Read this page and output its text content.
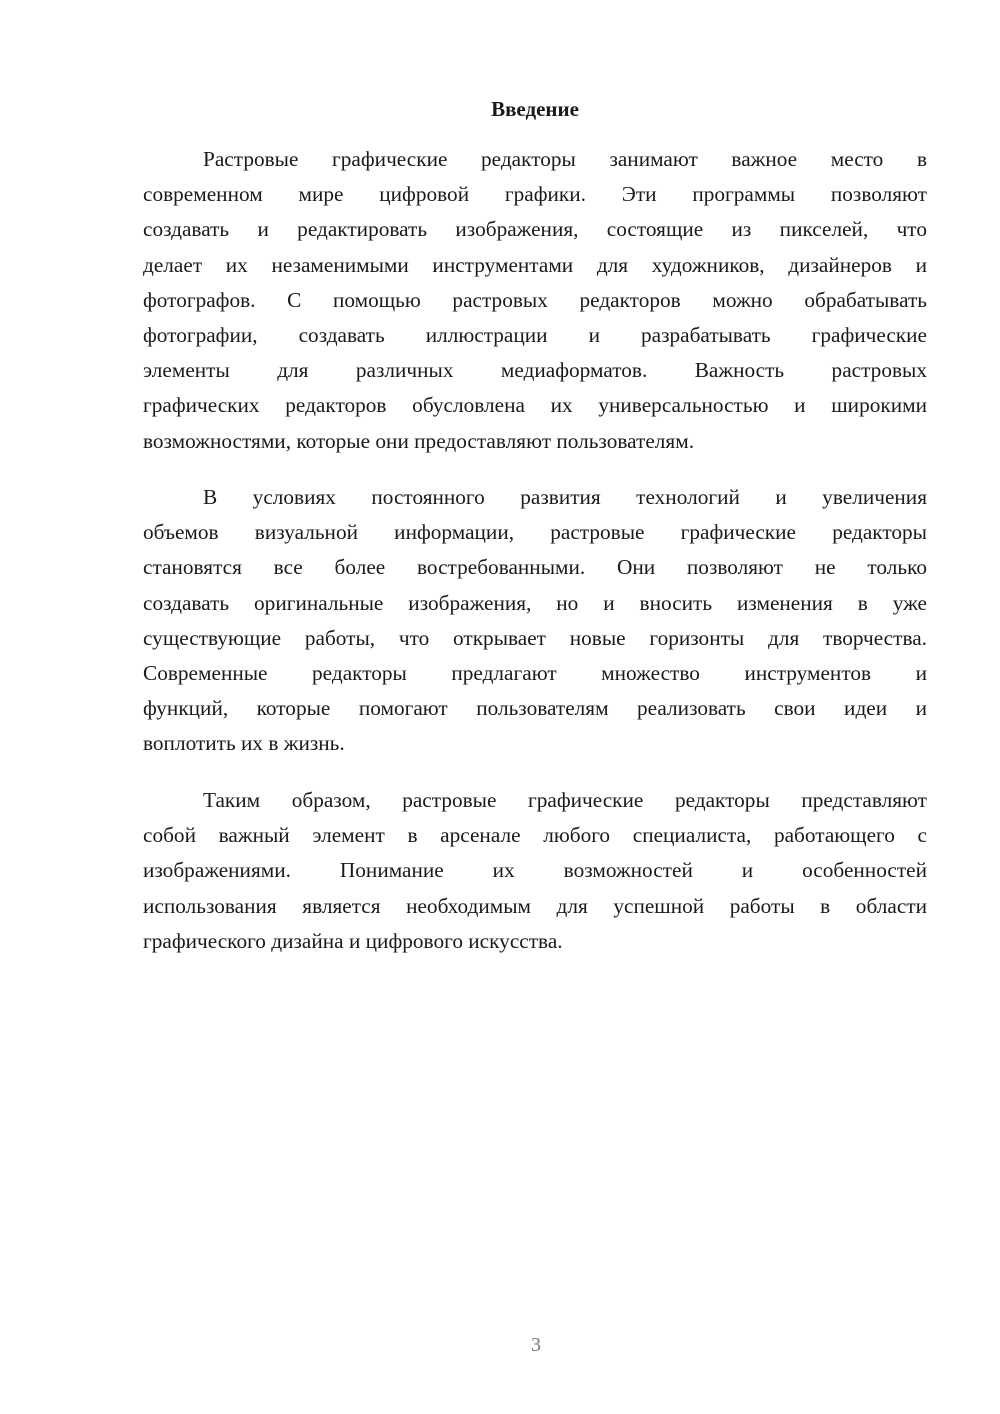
Введение
Растровые графические редакторы занимают важное место в
современном мире цифровой графики. Эти программы позволяют
создавать и редактировать изображения, состоящие из пикселей, что
делает их незаменимыми инструментами для художников, дизайнеров и
фотографов. С помощью растровых редакторов можно обрабатывать
фотографии, создавать иллюстрации и разрабатывать графические
элементы для различных медиаформатов. Важность растровых
графических редакторов обусловлена их универсальностью и широкими
возможностями, которые они предоставляют пользователям.
В условиях постоянного развития технологий и увеличения
объемов визуальной информации, растровые графические редакторы
становятся все более востребованными. Они позволяют не только
создавать оригинальные изображения, но и вносить изменения в уже
существующие работы, что открывает новые горизонты для творчества.
Современные редакторы предлагают множество инструментов и
функций, которые помогают пользователям реализовать свои идеи и
воплотить их в жизнь.
Таким образом, растровые графические редакторы представляют
собой важный элемент в арсенале любого специалиста, работающего с
изображениями. Понимание их возможностей и особенностей
использования является необходимым для успешной работы в области
графического дизайна и цифрового искусства.
3
